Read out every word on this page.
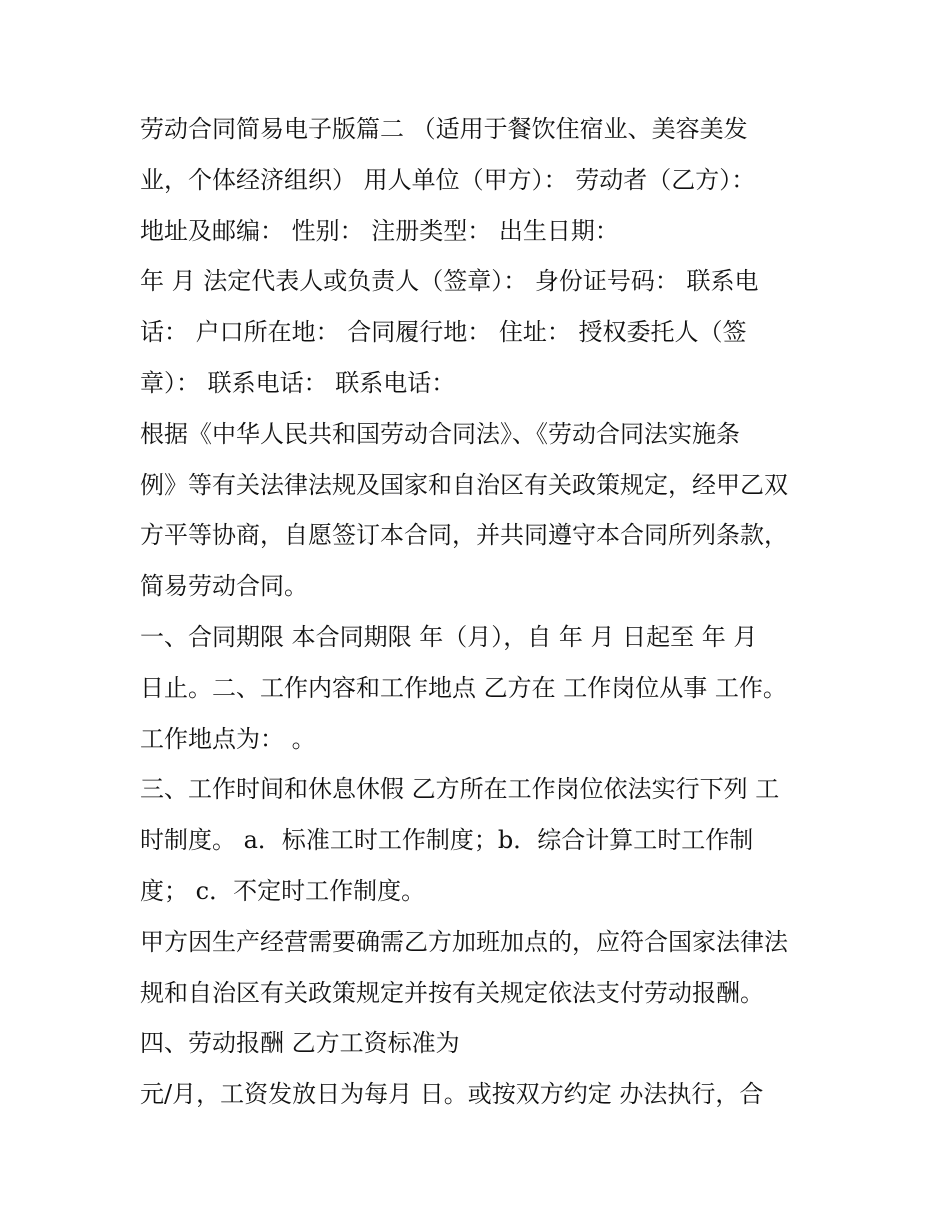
劳动合同简易电子版篇二 （适用于餐饮住宿业、美容美发
业，个体经济组织） 用人单位（甲方）： 劳动者（乙方）：
地址及邮编： 性别： 注册类型： 出生日期：
年 月 法定代表人或负责人（签章）： 身份证号码： 联系电
话： 户口所在地： 合同履行地： 住址： 授权委托人（签
章）： 联系电话： 联系电话：
根据《中华人民共和国劳动合同法》、《劳动合同法实施条
例》等有关法律法规及国家和自治区有关政策规定，经甲乙双
方平等协商，自愿签订本合同，并共同遵守本合同所列条款，
简易劳动合同。
一、合同期限 本合同期限 年（月），自 年 月 日起至 年 月
日止。二、工作内容和工作地点 乙方在 工作岗位从事 工作。
工作地点为： 。
三、工作时间和休息休假 乙方所在工作岗位依法实行下列 工
时制度。 a．标准工时工作制度；b．综合计算工时工作制
度； c．不定时工作制度。
甲方因生产经营需要确需乙方加班加点的，应符合国家法律法
规和自治区有关政策规定并按有关规定依法支付劳动报酬。
四、劳动报酬 乙方工资标准为
元/月，工资发放日为每月 日。或按双方约定 办法执行，合
